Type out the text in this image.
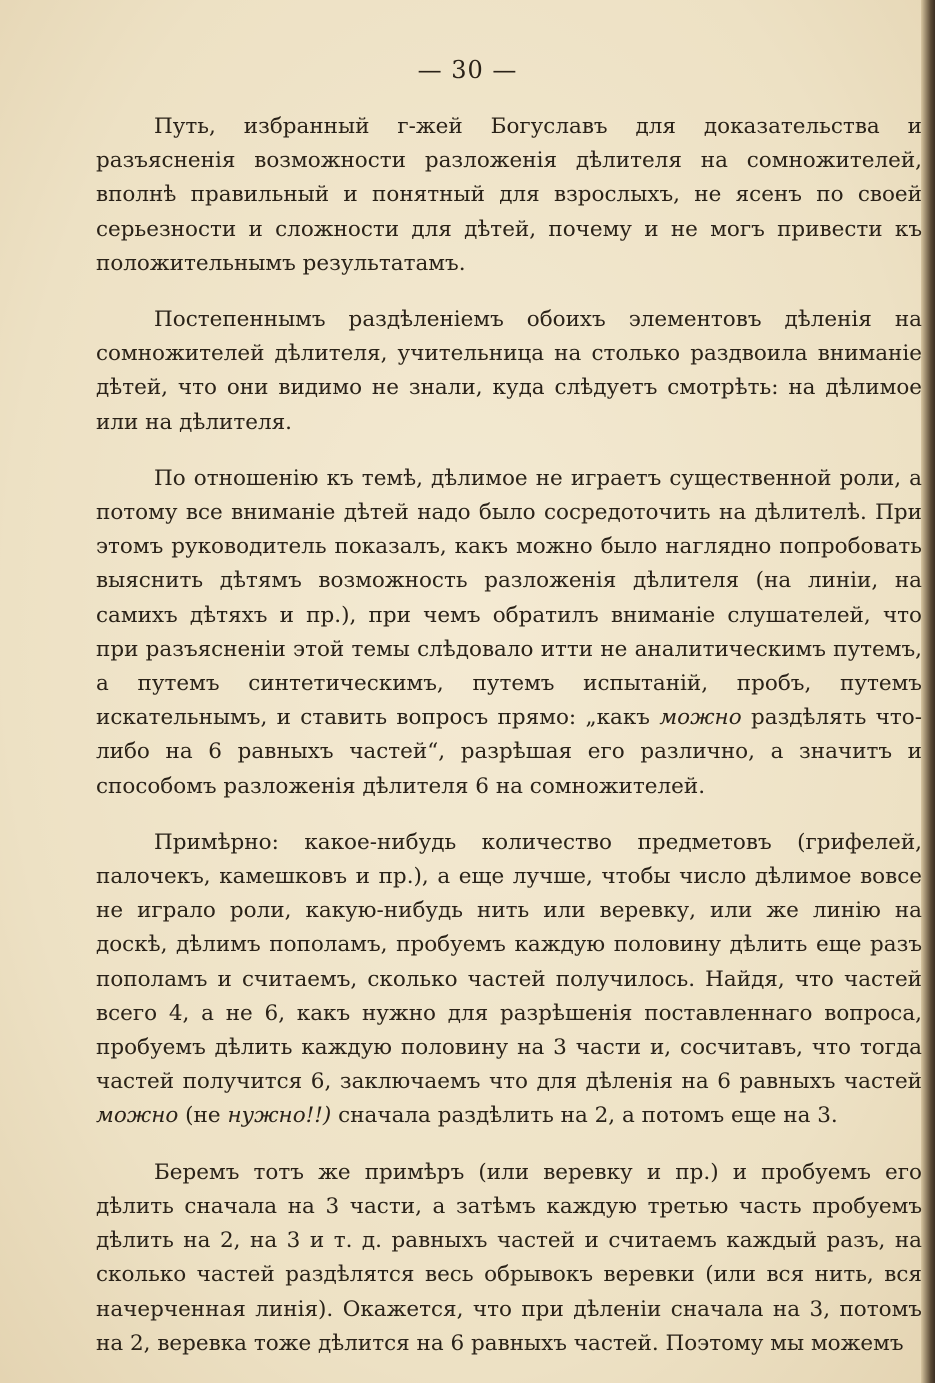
— 30 —

Путь, избранный г-жей Богуславъ для доказательства и разъясненія возможности разложенія дѣлителя на сомножителей, вполнѣ правильный и понятный для взрослыхъ, не ясенъ по своей серьезности и сложности для дѣтей, почему и не могъ привести къ положительнымъ результатамъ.

Постепеннымъ раздѣленіемъ обоихъ элементовъ дѣленія на сомножителей дѣлителя, учительница на столько раздвоила вниманіе дѣтей, что они видимо не знали, куда слѣдуетъ смотрѣть: на дѣлимое или на дѣлителя.

По отношенію къ темѣ, дѣлимое не играетъ существенной роли, а потому все вниманіе дѣтей надо было сосредоточить на дѣлителѣ. При этомъ руководитель показалъ, какъ можно было наглядно попробовать выяснить дѣтямъ возможность разложенія дѣлителя (на линіи, на самихъ дѣтяхъ и пр.), при чемъ обратилъ вниманіе слушателей, что при разъясненіи этой темы слѣдовало итти не аналитическимъ путемъ, а путемъ синтетическимъ, путемъ испытаній, пробъ, путемъ искательнымъ, и ставить вопросъ прямо: „какъ можно раздѣлять что-либо на 6 равныхъ частей“, разрѣшая его различно, а значитъ и способомъ разложенія дѣлителя 6 на сомножителей.

Примѣрно: какое-нибудь количество предметовъ (грифелей, палочекъ, камешковъ и пр.), а еще лучше, чтобы число дѣлимое вовсе не играло роли, какую-нибудь нить или веревку, или же линію на доскѣ, дѣлимъ пополамъ, пробуемъ каждую половину дѣлить еще разъ пополамъ и считаемъ, сколько частей получилось. Найдя, что частей всего 4, а не 6, какъ нужно для разрѣшенія поставленнаго вопроса, пробуемъ дѣлить каждую половину на 3 части и, сосчитавъ, что тогда частей получится 6, заключаемъ что для дѣленія на 6 равныхъ частей можно (не нужно!!) сначала раздѣлить на 2, а потомъ еще на 3.

Беремъ тотъ же примѣръ (или веревку и пр.) и пробуемъ его дѣлить сначала на 3 части, а затѣмъ каждую третью часть пробуемъ дѣлить на 2, на 3 и т. д. равныхъ частей и считаемъ каждый разъ, на сколько частей раздѣлятся весь обрывокъ веревки (или вся нить, вся начерченная линія). Окажется, что при дѣленіи сначала на 3, потомъ на 2, веревка тоже дѣлится на 6 равныхъ частей. Поэтому мы можемъ
